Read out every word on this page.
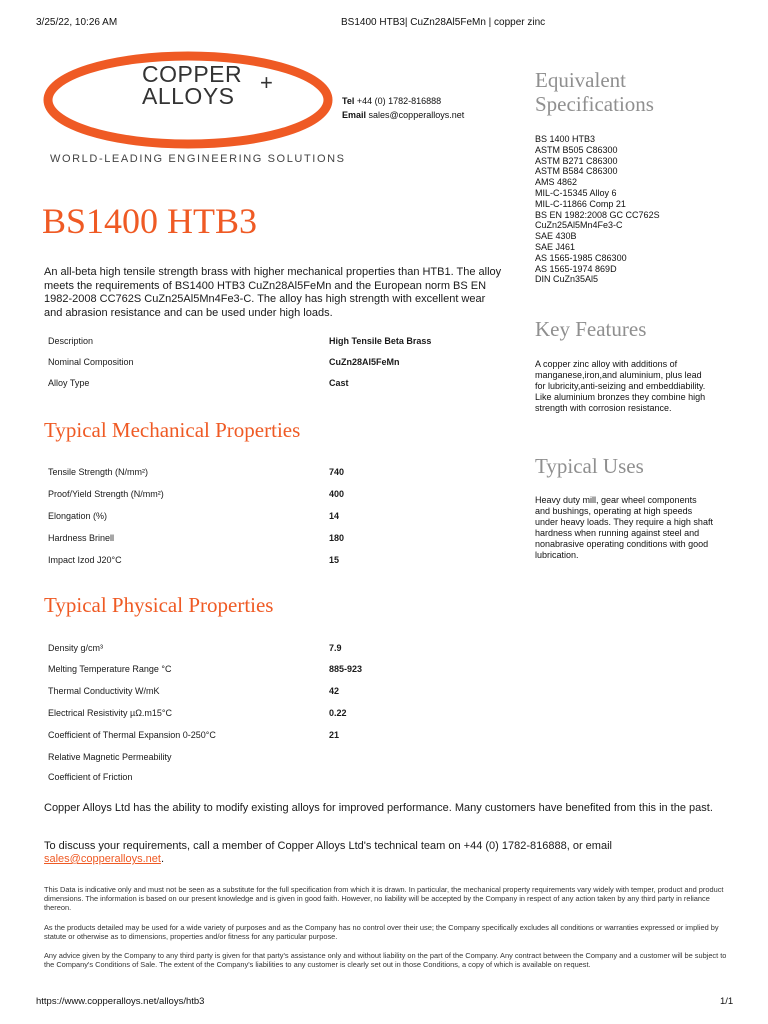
3/25/22, 10:26 AM	BS1400 HTB3| CuZn28Al5FeMn | copper zinc
COPPER
ALLOYS
+
WORLD-LEADING ENGINEERING SOLUTIONS
Tel +44 (0) 1782-816888
Email sales@copperalloys.net
BS1400 HTB3
An all-beta high tensile strength brass with higher mechanical properties than HTB1. The alloy meets the requirements of BS1400 HTB3 CuZn28Al5FeMn and the European norm BS EN 1982-2008 CC762S CuZn25Al5Mn4Fe3-C. The alloy has high strength with excellent wear and abrasion resistance and can be used under high loads.
Description	High Tensile Beta Brass
Nominal Composition	CuZn28Al5FeMn
Alloy Type	Cast
Typical Mechanical Properties
Tensile Strength (N/mm²)	740
Proof/Yield Strength (N/mm²)	400
Elongation (%)	14
Hardness Brinell	180
Impact Izod J20°C	15
Typical Physical Properties
Density g/cm³	7.9
Melting Temperature Range °C	885-923
Thermal Conductivity W/mK	42
Electrical Resistivity µΩ.m15°C	0.22
Coefficient of Thermal Expansion 0-250°C	21
Relative Magnetic Permeability
Coefficient of Friction
Equivalent
Specifications
BS 1400 HTB3
ASTM B505 C86300
ASTM B271 C86300
ASTM B584 C86300
AMS 4862
MIL-C-15345 Alloy 6
MIL-C-11866 Comp 21
BS EN 1982:2008 GC CC762S
CuZn25Al5Mn4Fe3-C
SAE 430B
SAE J461
AS 1565-1985 C86300
AS 1565-1974 869D
DIN CuZn35Al5
Key Features
A copper zinc alloy with additions of manganese,iron,and aluminium, plus lead for lubricity,anti-seizing and embeddiability. Like aluminium bronzes they combine high strength with corrosion resistance.
Typical Uses
Heavy duty mill, gear wheel components and bushings, operating at high speeds under heavy loads. They require a high shaft hardness when running against steel and nonabrasive operating conditions with good lubrication.
Copper Alloys Ltd has the ability to modify existing alloys for improved performance. Many customers have benefited from this in the past.
To discuss your requirements, call a member of Copper Alloys Ltd's technical team on +44 (0) 1782-816888, or email sales@copperalloys.net.
This Data is indicative only and must not be seen as a substitute for the full specification from which it is drawn. In particular, the mechanical property requirements vary widely with temper, product and product dimensions. The information is based on our present knowledge and is given in good faith. However, no liability will be accepted by the Company in respect of any action taken by any third party in reliance thereon.
As the products detailed may be used for a wide variety of purposes and as the Company has no control over their use; the Company specifically excludes all conditions or warranties expressed or implied by statute or otherwise as to dimensions, properties and/or fitness for any particular purpose.
Any advice given by the Company to any third party is given for that party's assistance only and without liability on the part of the Company. Any contract between the Company and a customer will be subject to the Company's Conditions of Sale. The extent of the Company's liabilities to any customer is clearly set out in those Conditions, a copy of which is available on request.
https://www.copperalloys.net/alloys/htb3	1/1
